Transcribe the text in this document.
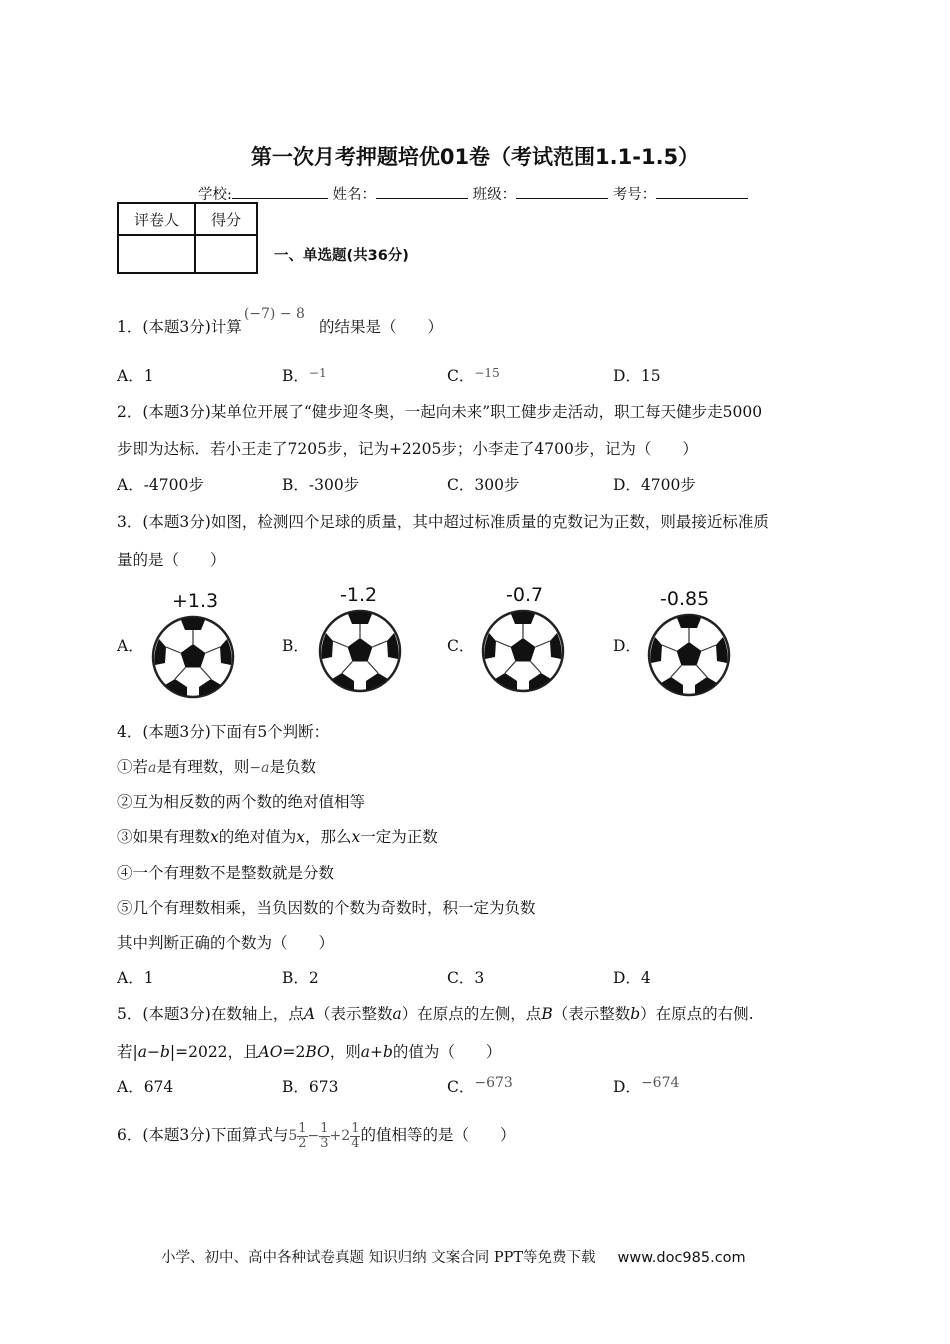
第一次月考押题培优01卷（考试范围1.1-1.5）
学校:	姓名：	班级：	考号：
评卷人	得分

一、单选题(共36分)
1．(本题3分)计算(−7) − 8的结果是（　　）
A．1	B．$^{-1}$	C．$^{-15}$	D．15
2．(本题3分)某单位开展了“健步迎冬奥，一起向未来”职工健步走活动，职工每天健步走5000
步即为达标．若小王走了7205步，记为+2205步；小李走了4700步，记为（　　）
A．-4700步	B．-300步	C．300步	D．4700步
3．(本题3分)如图，检测四个足球的质量，其中超过标准质量的克数记为正数，则最接近标准质
量的是（　　）
A．	B．	C．	D．
+1.3	-1.2	-0.7	-0.85
4．(本题3分)下面有5个判断：
①若a是有理数，则−a是负数
②互为相反数的两个数的绝对值相等
③如果有理数x的绝对值为x，那么x一定为正数
④一个有理数不是整数就是分数
⑤几个有理数相乘，当负因数的个数为奇数时，积一定为负数
其中判断正确的个数为（　　）
A．1	B．2	C．3	D．4
5．(本题3分)在数轴上，点A（表示整数a）在原点的左侧，点B（表示整数b）在原点的右侧.
若|a−b|=2022，且AO=2BO，则a+b的值为（　　）
A．674	B．673	C．−673	D．−674
6．(本题3分)下面算式与$5 \frac{1}{2} - \frac{1}{3} +2 \frac{1}{4}$ 的值相等的是（　　）
小学、初中、高中各种试卷真题 知识归纳 文案合同 PPT等免费下载 www.doc985.com
